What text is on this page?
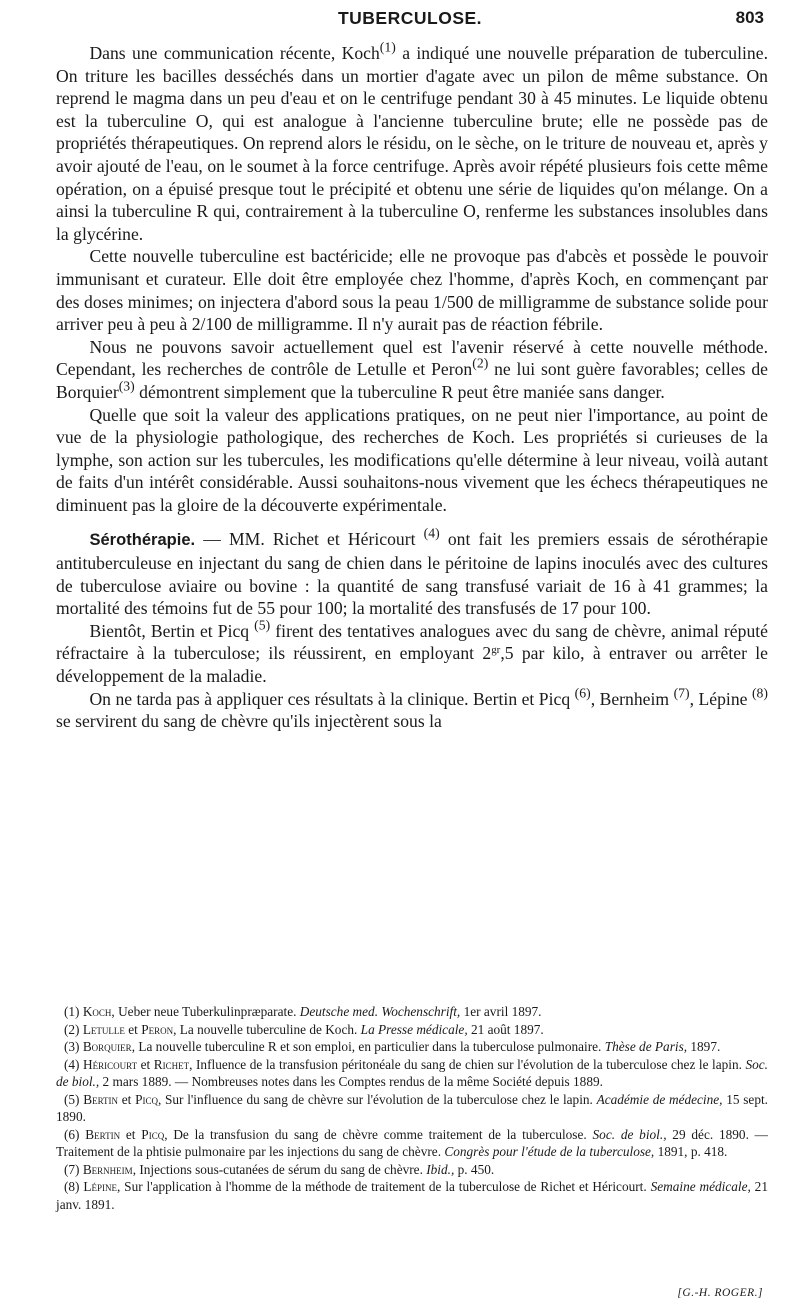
TUBERCULOSE.	803

Dans une communication récente, Koch$^{(1)}$ a indiqué une nouvelle préparation de tuberculine. On triture les bacilles desséchés dans un mortier d'agate avec un pilon de même substance. On reprend le magma dans un peu d'eau et on le centrifuge pendant 30 à 45 minutes. Le liquide obtenu est la tuberculine O, qui est analogue à l'ancienne tuberculine brute; elle ne possède pas de propriétés thérapeutiques. On reprend alors le résidu, on le sèche, on le triture de nouveau et, après y avoir ajouté de l'eau, on le soumet à la force centrifuge. Après avoir répété plusieurs fois cette même opération, on a épuisé presque tout le précipité et obtenu une série de liquides qu'on mélange. On a ainsi la tuberculine R qui, contrairement à la tuberculine O, renferme les substances insolubles dans la glycérine.

Cette nouvelle tuberculine est bactéricide; elle ne provoque pas d'abcès et possède le pouvoir immunisant et curateur. Elle doit être employée chez l'homme, d'après Koch, en commençant par des doses minimes; on injectera d'abord sous la peau 1/500 de milligramme de substance solide pour arriver peu à peu à 2/100 de milligramme. Il n'y aurait pas de réaction fébrile.

Nous ne pouvons savoir actuellement quel est l'avenir réservé à cette nouvelle méthode. Cependant, les recherches de contrôle de Letulle et Peron$^{(2)}$ ne lui sont guère favorables; celles de Borquier$^{(3)}$ démontrent simplement que la tuberculine R peut être maniée sans danger.

Quelle que soit la valeur des applications pratiques, on ne peut nier l'importance, au point de vue de la physiologie pathologique, des recherches de Koch. Les propriétés si curieuses de la lymphe, son action sur les tubercules, les modifications qu'elle détermine à leur niveau, voilà autant de faits d'un intérêt considérable. Aussi souhaitons-nous vivement que les échecs thérapeutiques ne diminuent pas la gloire de la découverte expérimentale.

Sérothérapie. — MM. Richet et Héricourt $^{(4)}$ ont fait les premiers essais de sérothérapie antituberculeuse en injectant du sang de chien dans le péritoine de lapins inoculés avec des cultures de tuberculose aviaire ou bovine : la quantité de sang transfusé variait de 16 à 41 grammes; la mortalité des témoins fut de 55 pour 100; la mortalité des transfusés de 17 pour 100.

Bientôt, Bertin et Picq $^{(5)}$ firent des tentatives analogues avec du sang de chèvre, animal réputé réfractaire à la tuberculose; ils réussirent, en employant $2^{gr},5$ par kilo, à entraver ou arrêter le développement de la maladie.

On ne tarda pas à appliquer ces résultats à la clinique. Bertin et Picq $^{(6)}$, Bernheim $^{(7)}$, Lépine $^{(8)}$ se servirent du sang de chèvre qu'ils injectèrent sous la

(1) Koch, Ueber neue Tuberkulinpræparate. Deutsche med. Wochenschrift, 1er avril 1897.

(2) Letulle et Peron, La nouvelle tuberculine de Koch. La Presse médicale, 21 août 1897.

(3) Borquier, La nouvelle tuberculine R et son emploi, en particulier dans la tuberculose pulmonaire. Thèse de Paris, 1897.

(4) Héricourt et Richet, Influence de la transfusion péritonéale du sang de chien sur l'évolution de la tuberculose chez le lapin. Soc. de biol., 2 mars 1889. — Nombreuses notes dans les Comptes rendus de la même Société depuis 1889.

(5) Bertin et Picq, Sur l'influence du sang de chèvre sur l'évolution de la tuberculose chez le lapin. Académie de médecine, 15 sept. 1890.

(6) Bertin et Picq, De la transfusion du sang de chèvre comme traitement de la tuberculose. Soc. de biol., 29 déc. 1890. — Traitement de la phtisie pulmonaire par les injections du sang de chèvre. Congrès pour l'étude de la tuberculose, 1891, p. 418.

(7) Bernheim, Injections sous-cutanées de sérum du sang de chèvre. Ibid., p. 450.

(8) Lépine, Sur l'application à l'homme de la méthode de traitement de la tuberculose de Richet et Héricourt. Semaine médicale, 21 janv. 1891.

[G.-H. ROGER.]
